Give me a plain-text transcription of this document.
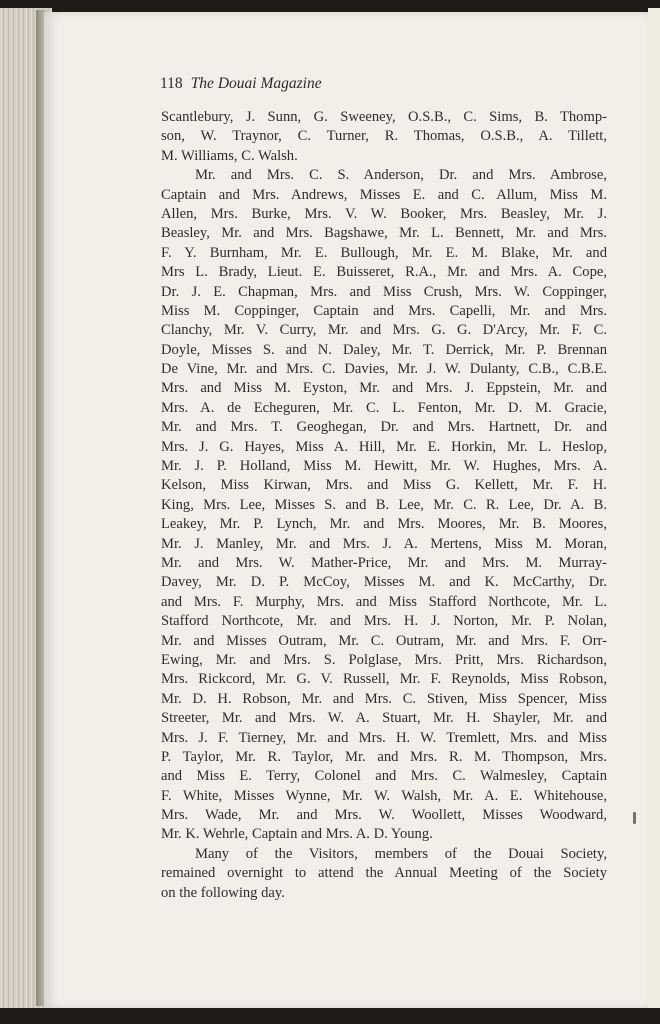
118 The Douai Magazine
Scantlebury, J. Sunn, G. Sweeney, O.S.B., C. Sims, B. Thomp-
son, W. Traynor, C. Turner, R. Thomas, O.S.B., A. Tillett,
M. Williams, C. Walsh.
Mr. and Mrs. C. S. Anderson, Dr. and Mrs. Ambrose,
Captain and Mrs. Andrews, Misses E. and C. Allum, Miss M.
Allen, Mrs. Burke, Mrs. V. W. Booker, Mrs. Beasley, Mr. J.
Beasley, Mr. and Mrs. Bagshawe, Mr. L. Bennett, Mr. and Mrs.
F. Y. Burnham, Mr. E. Bullough, Mr. E. M. Blake, Mr. and
Mrs L. Brady, Lieut. E. Buisseret, R.A., Mr. and Mrs. A. Cope,
Dr. J. E. Chapman, Mrs. and Miss Crush, Mrs. W. Coppinger,
Miss M. Coppinger, Captain and Mrs. Capelli, Mr. and Mrs.
Clanchy, Mr. V. Curry, Mr. and Mrs. G. G. D'Arcy, Mr. F. C.
Doyle, Misses S. and N. Daley, Mr. T. Derrick, Mr. P. Brennan
De Vine, Mr. and Mrs. C. Davies, Mr. J. W. Dulanty, C.B., C.B.E.
Mrs. and Miss M. Eyston, Mr. and Mrs. J. Eppstein, Mr. and
Mrs. A. de Echeguren, Mr. C. L. Fenton, Mr. D. M. Gracie,
Mr. and Mrs. T. Geoghegan, Dr. and Mrs. Hartnett, Dr. and
Mrs. J. G. Hayes, Miss A. Hill, Mr. E. Horkin, Mr. L. Heslop,
Mr. J. P. Holland, Miss M. Hewitt, Mr. W. Hughes, Mrs. A.
Kelson, Miss Kirwan, Mrs. and Miss G. Kellett, Mr. F. H.
King, Mrs. Lee, Misses S. and B. Lee, Mr. C. R. Lee, Dr. A. B.
Leakey, Mr. P. Lynch, Mr. and Mrs. Moores, Mr. B. Moores,
Mr. J. Manley, Mr. and Mrs. J. A. Mertens, Miss M. Moran,
Mr. and Mrs. W. Mather-Price, Mr. and Mrs. M. Murray-
Davey, Mr. D. P. McCoy, Misses M. and K. McCarthy, Dr.
and Mrs. F. Murphy, Mrs. and Miss Stafford Northcote, Mr. L.
Stafford Northcote, Mr. and Mrs. H. J. Norton, Mr. P. Nolan,
Mr. and Misses Outram, Mr. C. Outram, Mr. and Mrs. F. Orr-
Ewing, Mr. and Mrs. S. Polglase, Mrs. Pritt, Mrs. Richardson,
Mrs. Rickcord, Mr. G. V. Russell, Mr. F. Reynolds, Miss Robson,
Mr. D. H. Robson, Mr. and Mrs. C. Stiven, Miss Spencer, Miss
Streeter, Mr. and Mrs. W. A. Stuart, Mr. H. Shayler, Mr. and
Mrs. J. F. Tierney, Mr. and Mrs. H. W. Tremlett, Mrs. and Miss
P. Taylor, Mr. R. Taylor, Mr. and Mrs. R. M. Thompson, Mrs.
and Miss E. Terry, Colonel and Mrs. C. Walmesley, Captain
F. White, Misses Wynne, Mr. W. Walsh, Mr. A. E. Whitehouse,
Mrs. Wade, Mr. and Mrs. W. Woollett, Misses Woodward,
Mr. K. Wehrle, Captain and Mrs. A. D. Young.
Many of the Visitors, members of the Douai Society,
remained overnight to attend the Annual Meeting of the Society
on the following day.
